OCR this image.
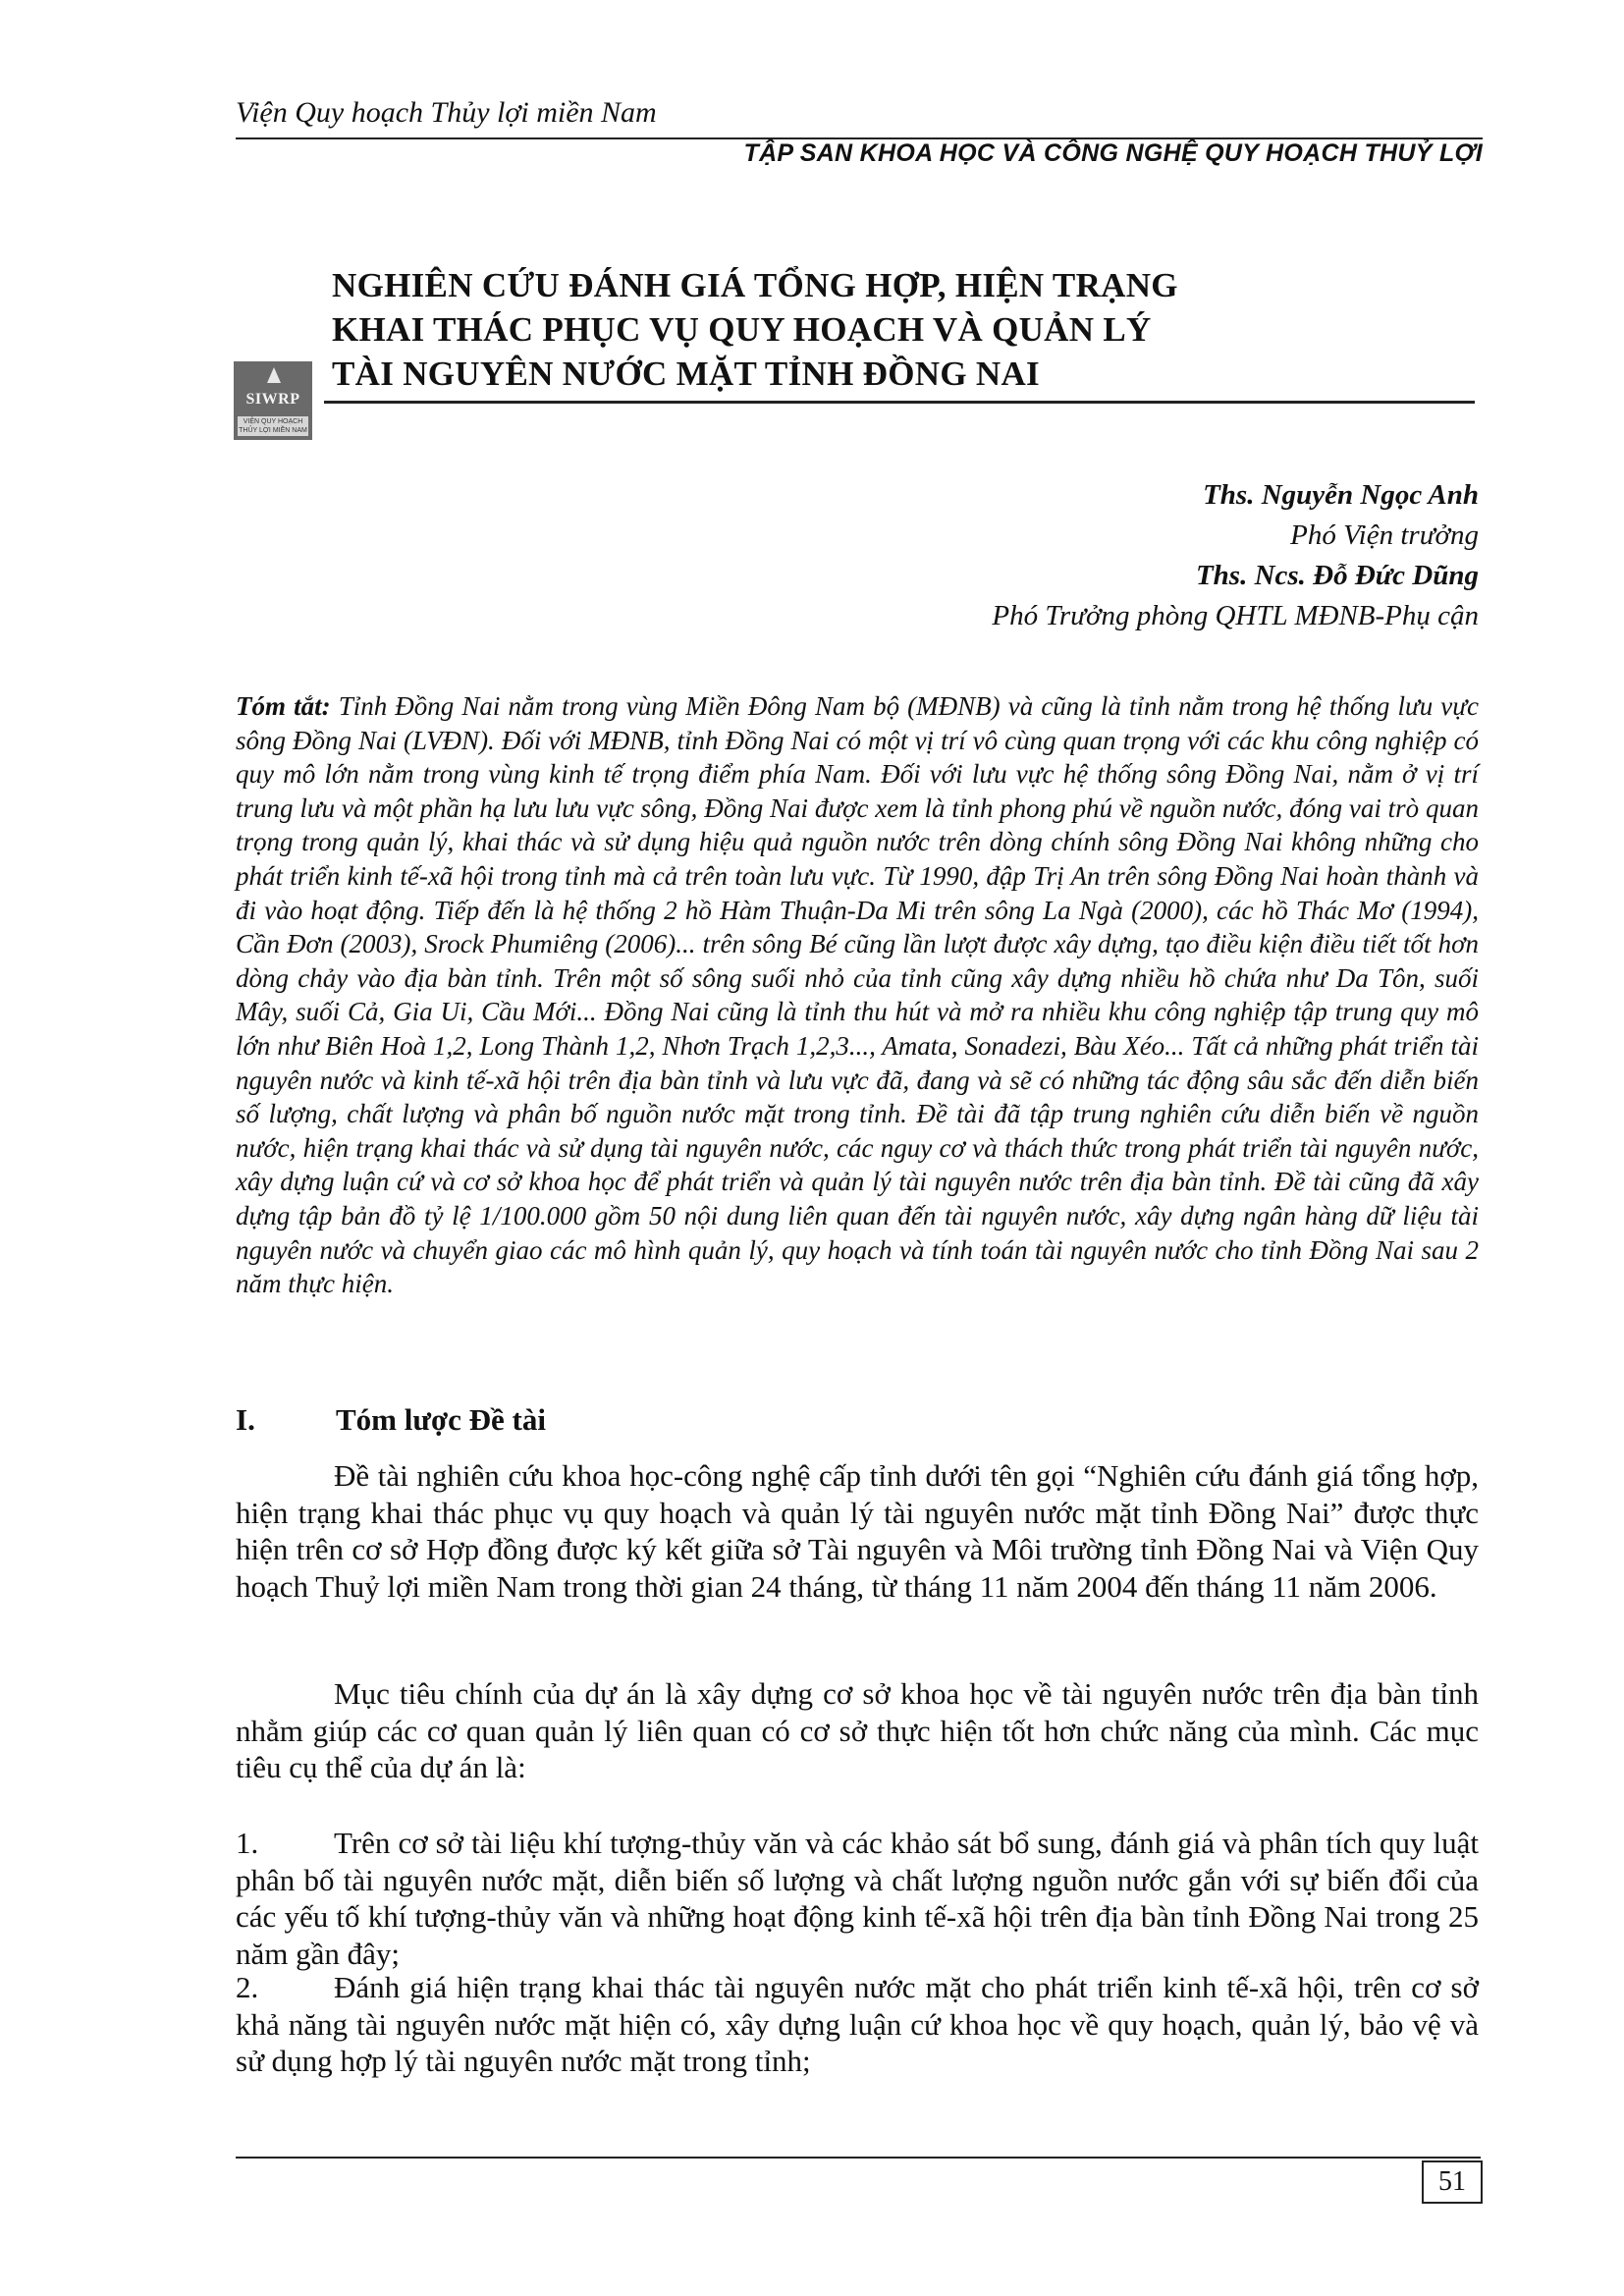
Viện Quy hoạch Thủy lợi miền Nam
TẬP SAN KHOA HỌC VÀ CÔNG NGHỆ QUY HOẠCH THUỶ LỢI
SIWRP
VIỆN QUY HOẠCH THỦY LỢI MIỀN NAM
NGHIÊN CỨU ĐÁNH GIÁ TỔNG HỢP, HIỆN TRẠNG
KHAI THÁC PHỤC VỤ QUY HOẠCH VÀ QUẢN LÝ
TÀI NGUYÊN NƯỚC MẶT TỈNH ĐỒNG NAI
Ths. Nguyễn Ngọc Anh
Phó Viện trưởng
Ths. Ncs. Đỗ Đức Dũng
Phó Trưởng phòng QHTL MĐNB-Phụ cận
Tóm tắt: Tỉnh Đồng Nai nằm trong vùng Miền Đông Nam bộ (MĐNB) và cũng là tỉnh nằm trong hệ thống lưu vực sông Đồng Nai (LVĐN). Đối với MĐNB, tỉnh Đồng Nai có một vị trí vô cùng quan trọng với các khu công nghiệp có quy mô lớn nằm trong vùng kinh tế trọng điểm phía Nam. Đối với lưu vực hệ thống sông Đồng Nai, nằm ở vị trí trung lưu và một phần hạ lưu lưu vực sông, Đồng Nai được xem là tỉnh phong phú về nguồn nước, đóng vai trò quan trọng trong quản lý, khai thác và sử dụng hiệu quả nguồn nước trên dòng chính sông Đồng Nai không những cho phát triển kinh tế-xã hội trong tỉnh mà cả trên toàn lưu vực. Từ 1990, đập Trị An trên sông Đồng Nai hoàn thành và đi vào hoạt động. Tiếp đến là hệ thống 2 hồ Hàm Thuận-Da Mi trên sông La Ngà (2000), các hồ Thác Mơ (1994), Cần Đơn (2003), Srock Phumiêng (2006)... trên sông Bé cũng lần lượt được xây dựng, tạo điều kiện điều tiết tốt hơn dòng chảy vào địa bàn tỉnh. Trên một số sông suối nhỏ của tỉnh cũng xây dựng nhiều hồ chứa như Da Tôn, suối Mây, suối Cả, Gia Ui, Cầu Mới... Đồng Nai cũng là tỉnh thu hút và mở ra nhiều khu công nghiệp tập trung quy mô lớn như Biên Hoà 1,2, Long Thành 1,2, Nhơn Trạch 1,2,3..., Amata, Sonadezi, Bàu Xéo... Tất cả những phát triển tài nguyên nước và kinh tế-xã hội trên địa bàn tỉnh và lưu vực đã, đang và sẽ có những tác động sâu sắc đến diễn biến số lượng, chất lượng và phân bố nguồn nước mặt trong tỉnh. Đề tài đã tập trung nghiên cứu diễn biến về nguồn nước, hiện trạng khai thác và sử dụng tài nguyên nước, các nguy cơ và thách thức trong phát triển tài nguyên nước, xây dựng luận cứ và cơ sở khoa học để phát triển và quản lý tài nguyên nước trên địa bàn tỉnh. Đề tài cũng đã xây dựng tập bản đồ tỷ lệ 1/100.000 gồm 50 nội dung liên quan đến tài nguyên nước, xây dựng ngân hàng dữ liệu tài nguyên nước và chuyển giao các mô hình quản lý, quy hoạch và tính toán tài nguyên nước cho tỉnh Đồng Nai sau 2 năm thực hiện.
I.	Tóm lược Đề tài
Đề tài nghiên cứu khoa học-công nghệ cấp tỉnh dưới tên gọi “Nghiên cứu đánh giá tổng hợp, hiện trạng khai thác phục vụ quy hoạch và quản lý tài nguyên nước mặt tỉnh Đồng Nai” được thực hiện trên cơ sở Hợp đồng được ký kết giữa sở Tài nguyên và Môi trường tỉnh Đồng Nai và Viện Quy hoạch Thuỷ lợi miền Nam trong thời gian 24 tháng, từ tháng 11 năm 2004 đến tháng 11 năm 2006.
Mục tiêu chính của dự án là xây dựng cơ sở khoa học về tài nguyên nước trên địa bàn tỉnh nhằm giúp các cơ quan quản lý liên quan có cơ sở thực hiện tốt hơn chức năng của mình. Các mục tiêu cụ thể của dự án là:
1. Trên cơ sở tài liệu khí tượng-thủy văn và các khảo sát bổ sung, đánh giá và phân tích quy luật phân bố tài nguyên nước mặt, diễn biến số lượng và chất lượng nguồn nước gắn với sự biến đổi của các yếu tố khí tượng-thủy văn và những hoạt động kinh tế-xã hội trên địa bàn tỉnh Đồng Nai trong 25 năm gần đây;
2. Đánh giá hiện trạng khai thác tài nguyên nước mặt cho phát triển kinh tế-xã hội, trên cơ sở khả năng tài nguyên nước mặt hiện có, xây dựng luận cứ khoa học về quy hoạch, quản lý, bảo vệ và sử dụng hợp lý tài nguyên nước mặt trong tỉnh;
51
